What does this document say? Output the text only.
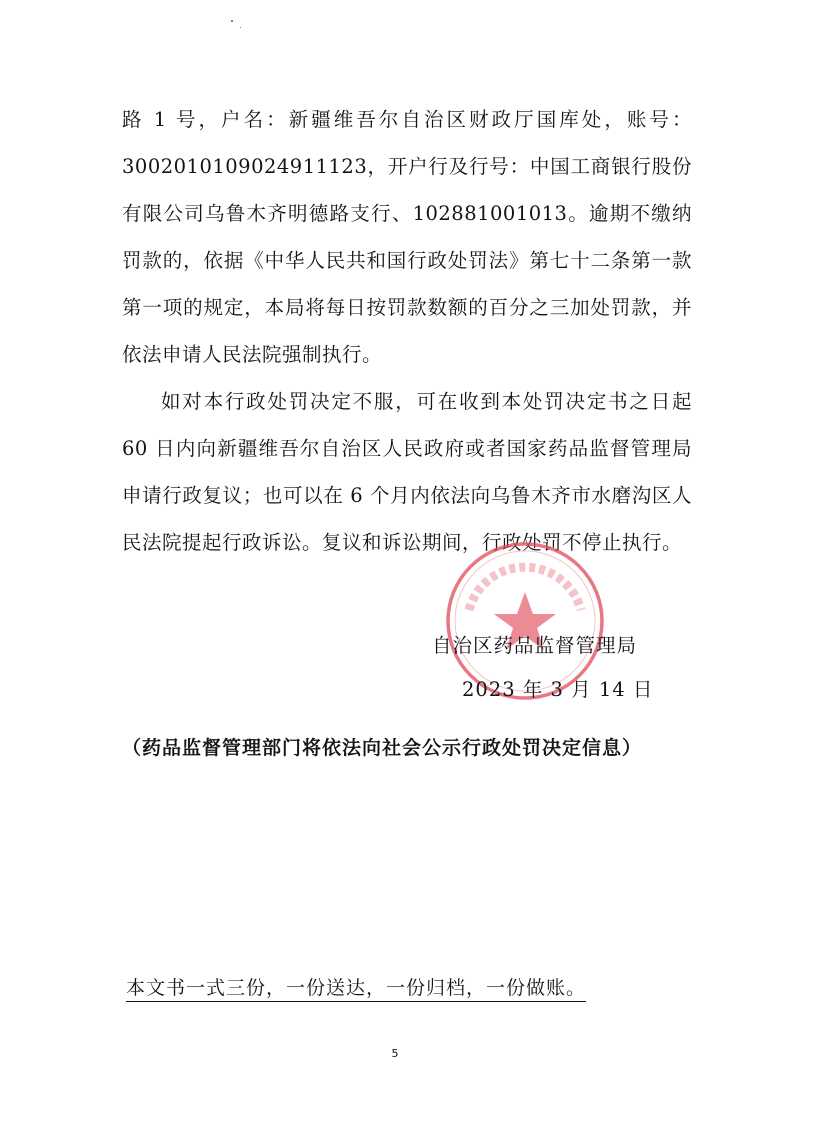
路 1 号，户名：新疆维吾尔自治区财政厅国库处，账号：3002010109024911123，开户行及行号：中国工商银行股份有限公司乌鲁木齐明德路支行、102881001013。逾期不缴纳罚款的，依据《中华人民共和国行政处罚法》第七十二条第一款第一项的规定，本局将每日按罚款数额的百分之三加处罚款，并依法申请人民法院强制执行。

如对本行政处罚决定不服，可在收到本处罚决定书之日起 60 日内向新疆维吾尔自治区人民政府或者国家药品监督管理局申请行政复议；也可以在 6 个月内依法向乌鲁木齐市水磨沟区人民法院提起行政诉讼。复议和诉讼期间，行政处罚不停止执行。

自治区药品监督管理局
2023 年 3 月 14 日
（药品监督管理部门将依法向社会公示行政处罚决定信息）
本文书一式三份，一份送达，一份归档，一份做账。
5
